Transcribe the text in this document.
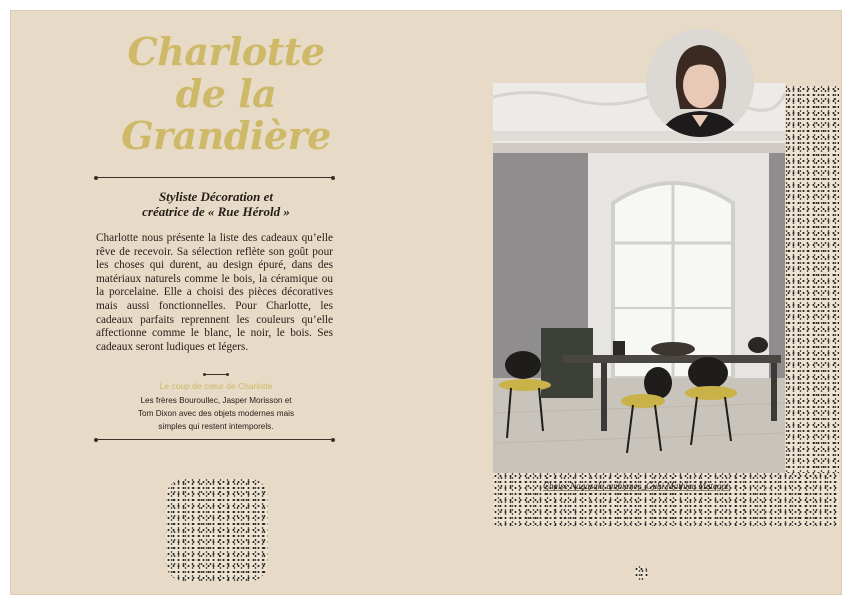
Charlotte
de la
Grandière
Styliste Décoration et
créatrice de « Rue Hérold »
Charlotte nous présente la liste des cadeaux qu’elle rêve de recevoir. Sa sélection reflète son goût pour les choses qui durent, au design épuré, dans des matériaux naturels comme le bois, la céramique ou la porcelaine. Elle a choisi des pièces décoratives mais aussi fonctionnelles. Pour Charlotte, les cadeaux parfaits reprennent les couleurs qu’elle affectionne comme le blanc, le noir, le bois. Ses cadeaux seront ludiques et légers.
Le coup de cœur de Charlotte
Les frères Bouroullec, Jasper Morisson et
Tom Dixon avec des objets modernes mais
simples qui restent intemporels.
Chaise Nagasaki ambiance_Gubi Mathieu Mategot
